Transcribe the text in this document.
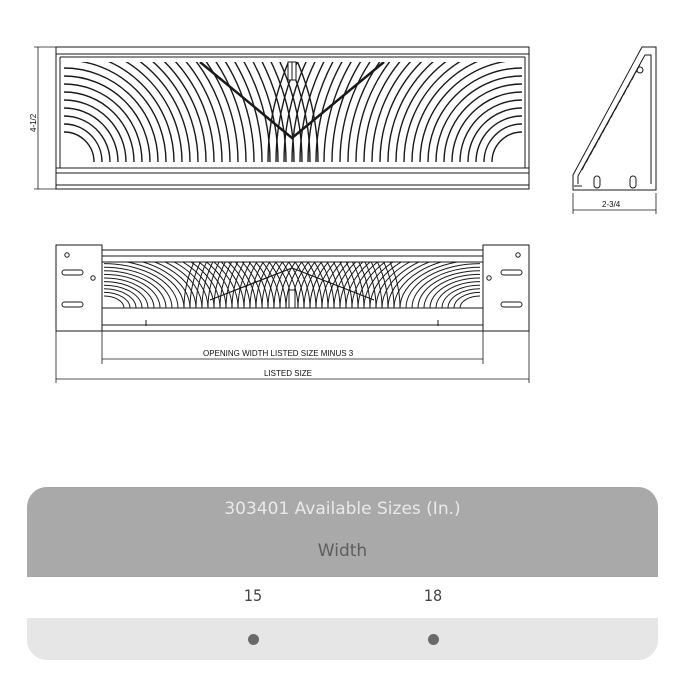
4-1/2
2-3/4
OPENING WIDTH LISTED SIZE MINUS 3
LISTED SIZE
303401 Available Sizes (In.)
Width
15	18
